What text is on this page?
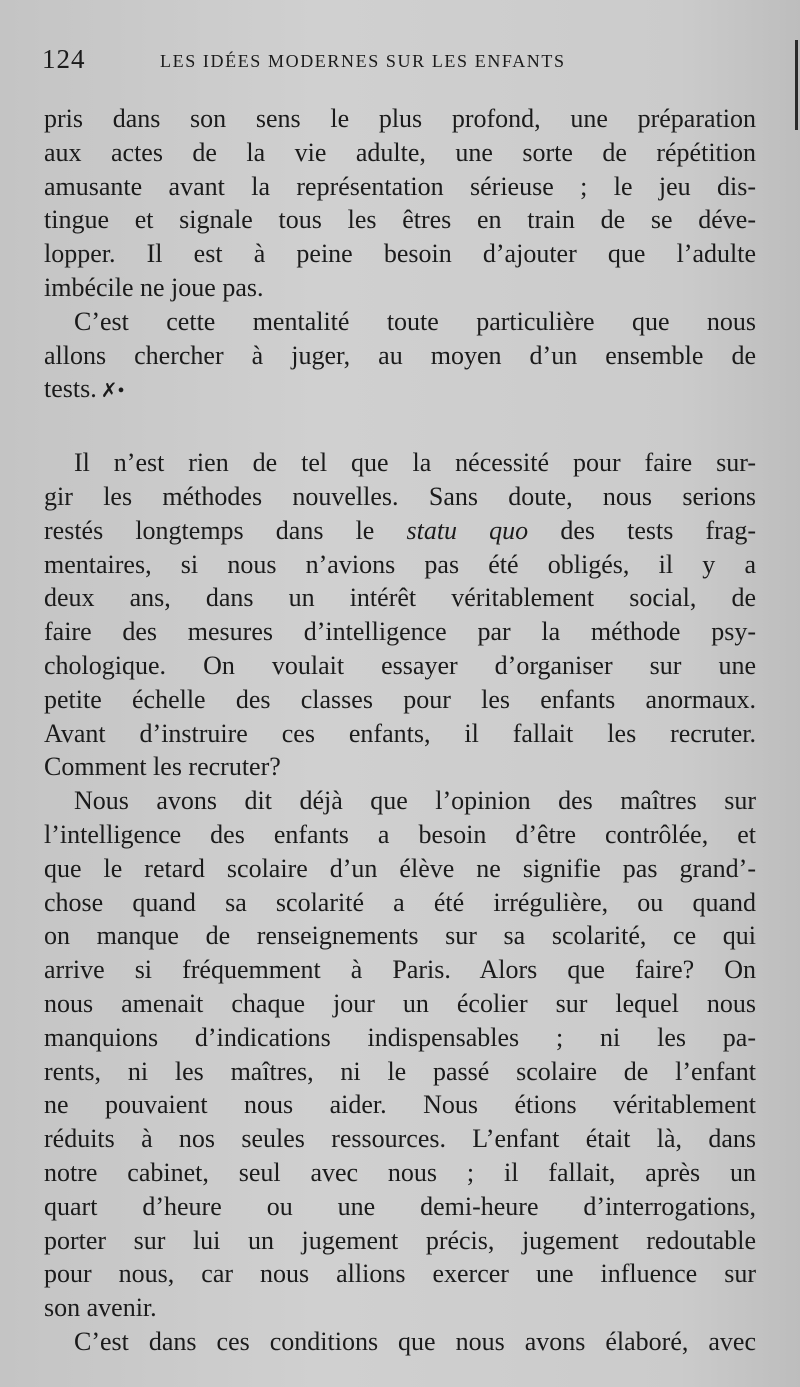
124	LES IDÉES MODERNES SUR LES ENFANTS

pris dans son sens le plus profond, une préparation
aux actes de la vie adulte, une sorte de répétition
amusante avant la représentation sérieuse ; le jeu dis-
tingue et signale tous les êtres en train de se déve-
lopper. Il est à peine besoin d’ajouter que l’adulte
imbécile ne joue pas.

C’est cette mentalité toute particulière que nous
allons chercher à juger, au moyen d’un ensemble de
tests. ✗•

Il n’est rien de tel que la nécessité pour faire sur-
gir les méthodes nouvelles. Sans doute, nous serions
restés longtemps dans le statu quo des tests frag-
mentaires, si nous n’avions pas été obligés, il y a
deux ans, dans un intérêt véritablement social, de
faire des mesures d’intelligence par la méthode psy-
chologique. On voulait essayer d’organiser sur une
petite échelle des classes pour les enfants anormaux.
Avant d’instruire ces enfants, il fallait les recruter.
Comment les recruter?

Nous avons dit déjà que l’opinion des maîtres sur
l’intelligence des enfants a besoin d’être contrôlée, et
que le retard scolaire d’un élève ne signifie pas grand’-
chose quand sa scolarité a été irrégulière, ou quand
on manque de renseignements sur sa scolarité, ce qui
arrive si fréquemment à Paris. Alors que faire? On
nous amenait chaque jour un écolier sur lequel nous
manquions d’indications indispensables ; ni les pa-
rents, ni les maîtres, ni le passé scolaire de l’enfant
ne pouvaient nous aider. Nous étions véritablement
réduits à nos seules ressources. L’enfant était là, dans
notre cabinet, seul avec nous ; il fallait, après un
quart d’heure ou une demi-heure d’interrogations,
porter sur lui un jugement précis, jugement redoutable
pour nous, car nous allions exercer une influence sur
son avenir.

C’est dans ces conditions que nous avons élaboré, avec
